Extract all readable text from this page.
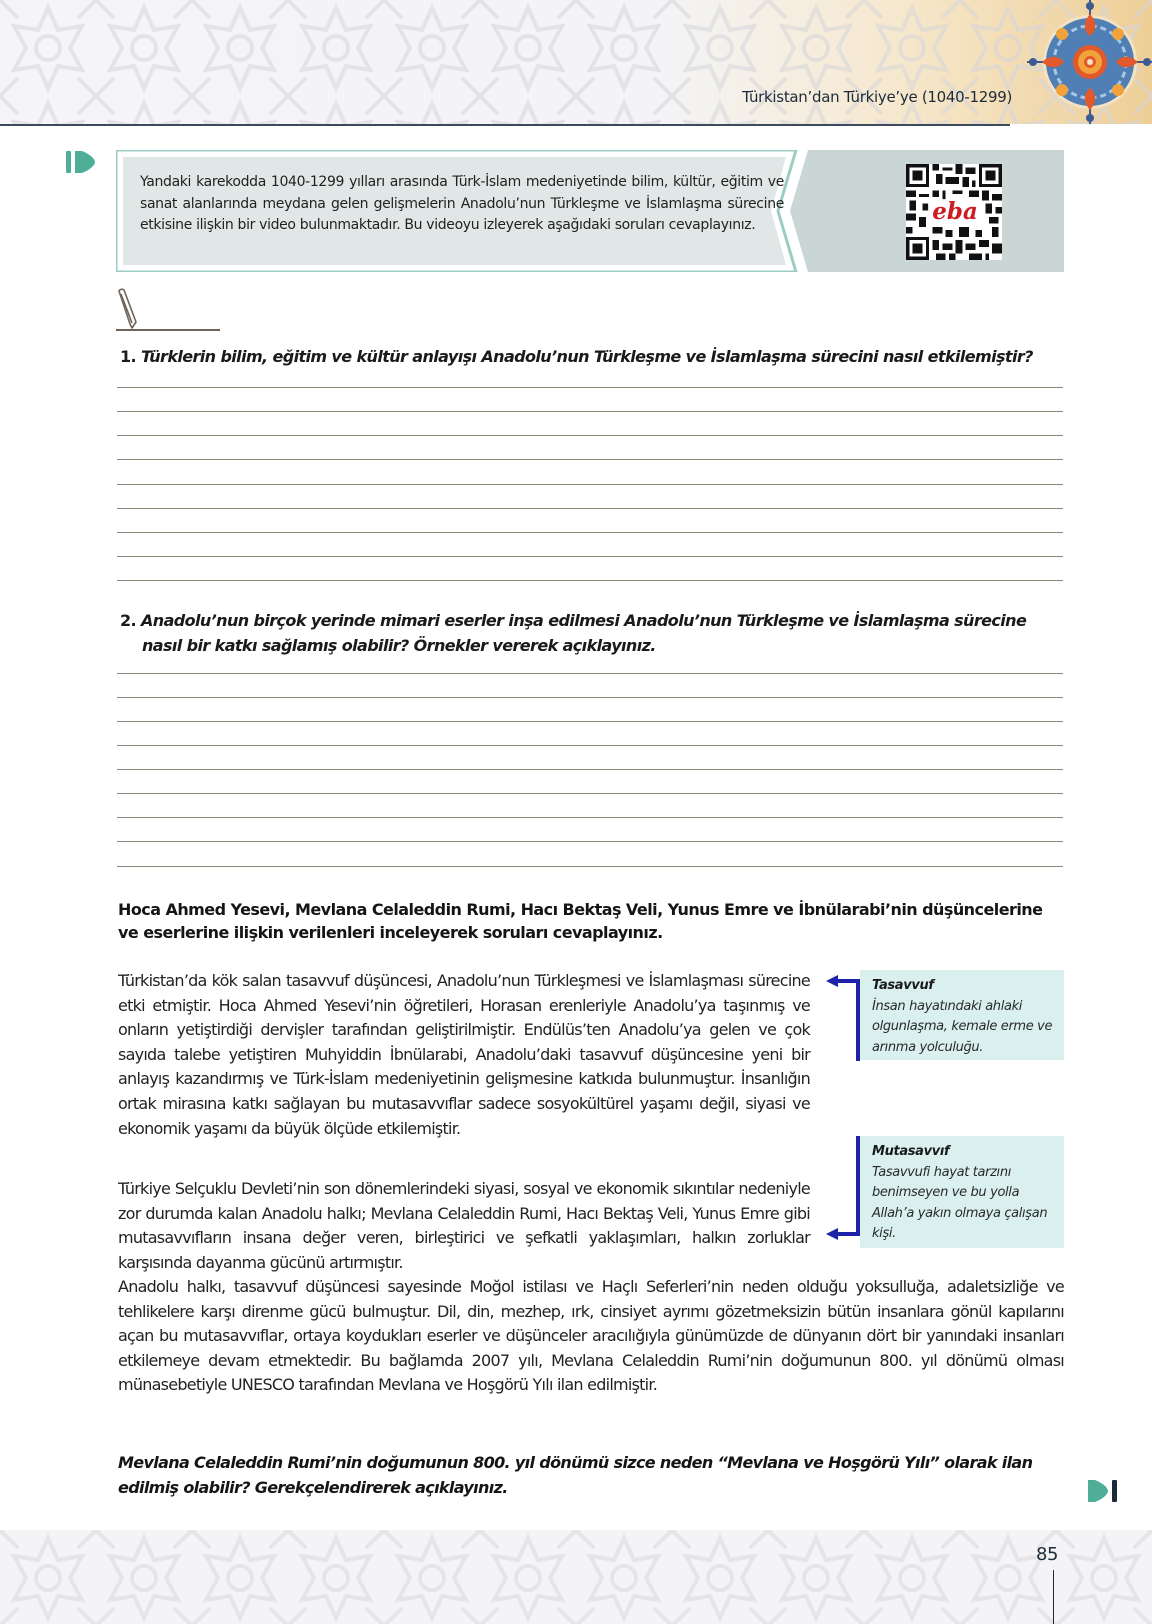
Türkistan’dan Türkiye’ye (1040-1299)
Yandaki karekodda 1040-1299 yılları arasında Türk-İslam medeniyetinde bilim, kültür, eğitim ve sanat alanlarında meydana gelen gelişmelerin Anadolu’nun Türkleşme ve İslamlaşma sürecine etkisine ilişkin bir video bulunmaktadır. Bu videoyu izleyerek aşağıdaki soruları cevaplayınız.	eba
1. Türklerin bilim, eğitim ve kültür anlayışı Anadolu’nun Türkleşme ve İslamlaşma sürecini nasıl etkilemiştir?
2. Anadolu’nun birçok yerinde mimari eserler inşa edilmesi Anadolu’nun Türkleşme ve İslamlaşma sürecine
nasıl bir katkı sağlamış olabilir? Örnekler vererek açıklayınız.
Hoca Ahmed Yesevi, Mevlana Celaleddin Rumi, Hacı Bektaş Veli, Yunus Emre ve İbnülarabi’nin düşüncelerine ve eserlerine ilişkin verilenleri inceleyerek soruları cevaplayınız.

Türkistan’da kök salan tasavvuf düşüncesi, Anadolu’nun Türkleşmesi ve İslamlaşması sürecine etki etmiştir. Hoca Ahmed Yesevi’nin öğretileri, Horasan erenleriyle Anadolu’ya taşınmış ve onların yetiştirdiği dervişler tarafından geliştirilmiştir. Endülüs’ten Anadolu’ya gelen ve çok sayıda talebe yetiştiren Muhyiddin İbnülarabi, Anadolu’daki tasavvuf düşüncesine yeni bir anlayış kazandırmış ve Türk-İslam medeniyetinin gelişmesine katkıda bulunmuştur. İnsanlığın ortak mirasına katkı sağlayan bu mutasavvıflar sadece sosyokültürel yaşamı değil, siyasi ve ekonomik yaşamı da büyük ölçüde etkilemiştir.

Türkiye Selçuklu Devleti’nin son dönemlerindeki siyasi, sosyal ve ekonomik sıkıntılar nedeniyle zor durumda kalan Anadolu halkı; Mevlana Celaleddin Rumi, Hacı Bektaş Veli, Yunus Emre gibi mutasavvıfların insana değer veren, birleştirici ve şefkatli yaklaşımları, halkın zorluklar karşısında dayanma gücünü artırmıştır.

Anadolu halkı, tasavvuf düşüncesi sayesinde Moğol istilası ve Haçlı Seferleri’nin neden olduğu yoksulluğa, adaletsizliğe ve tehlikelere karşı direnme gücü bulmuştur. Dil, din, mezhep, ırk, cinsiyet ayrımı gözetmeksizin bütün insanlara gönül kapılarını açan bu mutasavvıflar, ortaya koydukları eserler ve düşünceler aracılığıyla günümüzde de dünyanın dört bir yanındaki insanları etkilemeye devam etmektedir. Bu bağlamda 2007 yılı, Mevlana Celaleddin Rumi’nin doğumunun 800. yıl dönümü olması münasebetiyle UNESCO tarafından Mevlana ve Hoşgörü Yılı ilan edilmiştir.

Tasavvuf
İnsan hayatındaki ahlaki olgunlaşma, kemale erme ve arınma yolculuğu.
Mutasavvıf
Tasavvufi hayat tarzını benimseyen ve bu yolla Allah’a yakın olmaya çalışan kişi.
Mevlana Celaleddin Rumi’nin doğumunun 800. yıl dönümü sizce neden “Mevlana ve Hoşgörü Yılı” olarak ilan edilmiş olabilir? Gerekçelendirerek açıklayınız.
85
